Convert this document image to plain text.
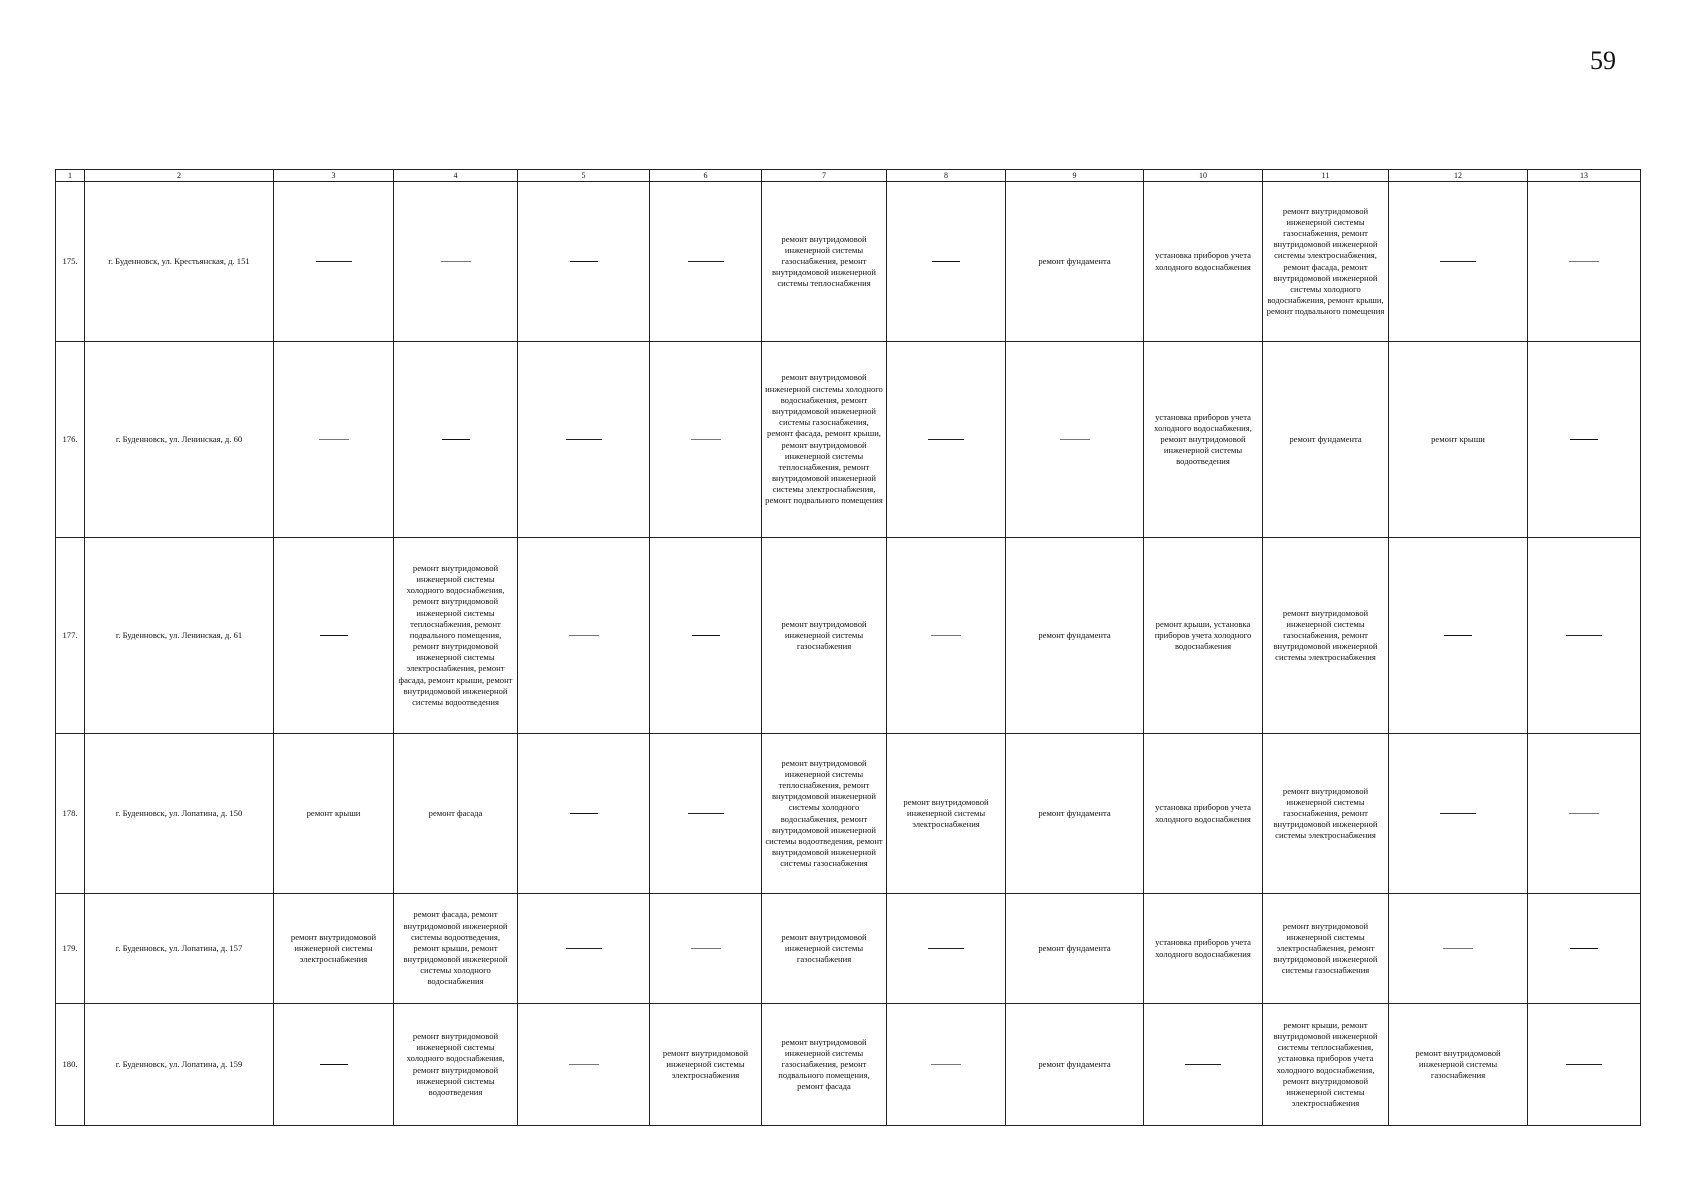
59
1	2	3	4	5	6	7	8	9	10	11	12	13
175.	г. Буденновск, ул. Крестьянская, д. 151					ремонт внутридомовой инженерной системы газоснабжения, ремонт внутридомовой инженерной системы теплоснабжения		ремонт фундамента	установка приборов учета холодного водоснабжения	ремонт внутридомовой инженерной системы газоснабжения, ремонт внутридомовой инженерной системы электроснабжения, ремонт фасада, ремонт внутридомовой инженерной системы холодного водоснабжения, ремонт крыши, ремонт подвального помещения		
176.	г. Буденновск, ул. Ленинская, д. 60					ремонт внутридомовой инженерной системы холодного водоснабжения, ремонт внутридомовой инженерной системы газоснабжения, ремонт фасада, ремонт крыши, ремонт внутридомовой инженерной системы теплоснабжения, ремонт внутридомовой инженерной системы электроснабжения, ремонт подвального помещения			установка приборов учета холодного водоснабжения, ремонт внутридомовой инженерной системы водоотведения	ремонт фундамента	ремонт крыши	
177.	г. Буденновск, ул. Ленинская, д. 61		ремонт внутридомовой инженерной системы холодного водоснабжения, ремонт внутридомовой инженерной системы теплоснабжения, ремонт подвального помещения, ремонт внутридомовой инженерной системы электроснабжения, ремонт фасада, ремонт крыши, ремонт внутридомовой инженерной системы водоотведения			ремонт внутридомовой инженерной системы газоснабжения		ремонт фундамента	ремонт крыши, установка приборов учета холодного водоснабжения	ремонт внутридомовой инженерной системы газоснабжения, ремонт внутридомовой инженерной системы электроснабжения		
178.	г. Буденновск, ул. Лопатина, д. 150	ремонт крыши	ремонт фасада			ремонт внутридомовой инженерной системы теплоснабжения, ремонт внутридомовой инженерной системы холодного водоснабжения, ремонт внутридомовой инженерной системы водоотведения, ремонт внутридомовой инженерной системы газоснабжения	ремонт внутридомовой инженерной системы электроснабжения	ремонт фундамента	установка приборов учета холодного водоснабжения	ремонт внутридомовой инженерной системы газоснабжения, ремонт внутридомовой инженерной системы электроснабжения		
179.	г. Буденновск, ул. Лопатина, д. 157	ремонт внутридомовой инженерной системы электроснабжения	ремонт фасада, ремонт внутридомовой инженерной системы водоотведения, ремонт крыши, ремонт внутридомовой инженерной системы холодного водоснабжения			ремонт внутридомовой инженерной системы газоснабжения		ремонт фундамента	установка приборов учета холодного водоснабжения	ремонт внутридомовой инженерной системы электроснабжения, ремонт внутридомовой инженерной системы газоснабжения		
180.	г. Буденновск, ул. Лопатина, д. 159		ремонт внутридомовой инженерной системы холодного водоснабжения, ремонт внутридомовой инженерной системы водоотведения		ремонт внутридомовой инженерной системы электроснабжения	ремонт внутридомовой инженерной системы газоснабжения, ремонт подвального помещения, ремонт фасада		ремонт фундамента		ремонт крыши, ремонт внутридомовой инженерной системы теплоснабжения, установка приборов учета холодного водоснабжения, ремонт внутридомовой инженерной системы электроснабжения	ремонт внутридомовой инженерной системы газоснабжения	
